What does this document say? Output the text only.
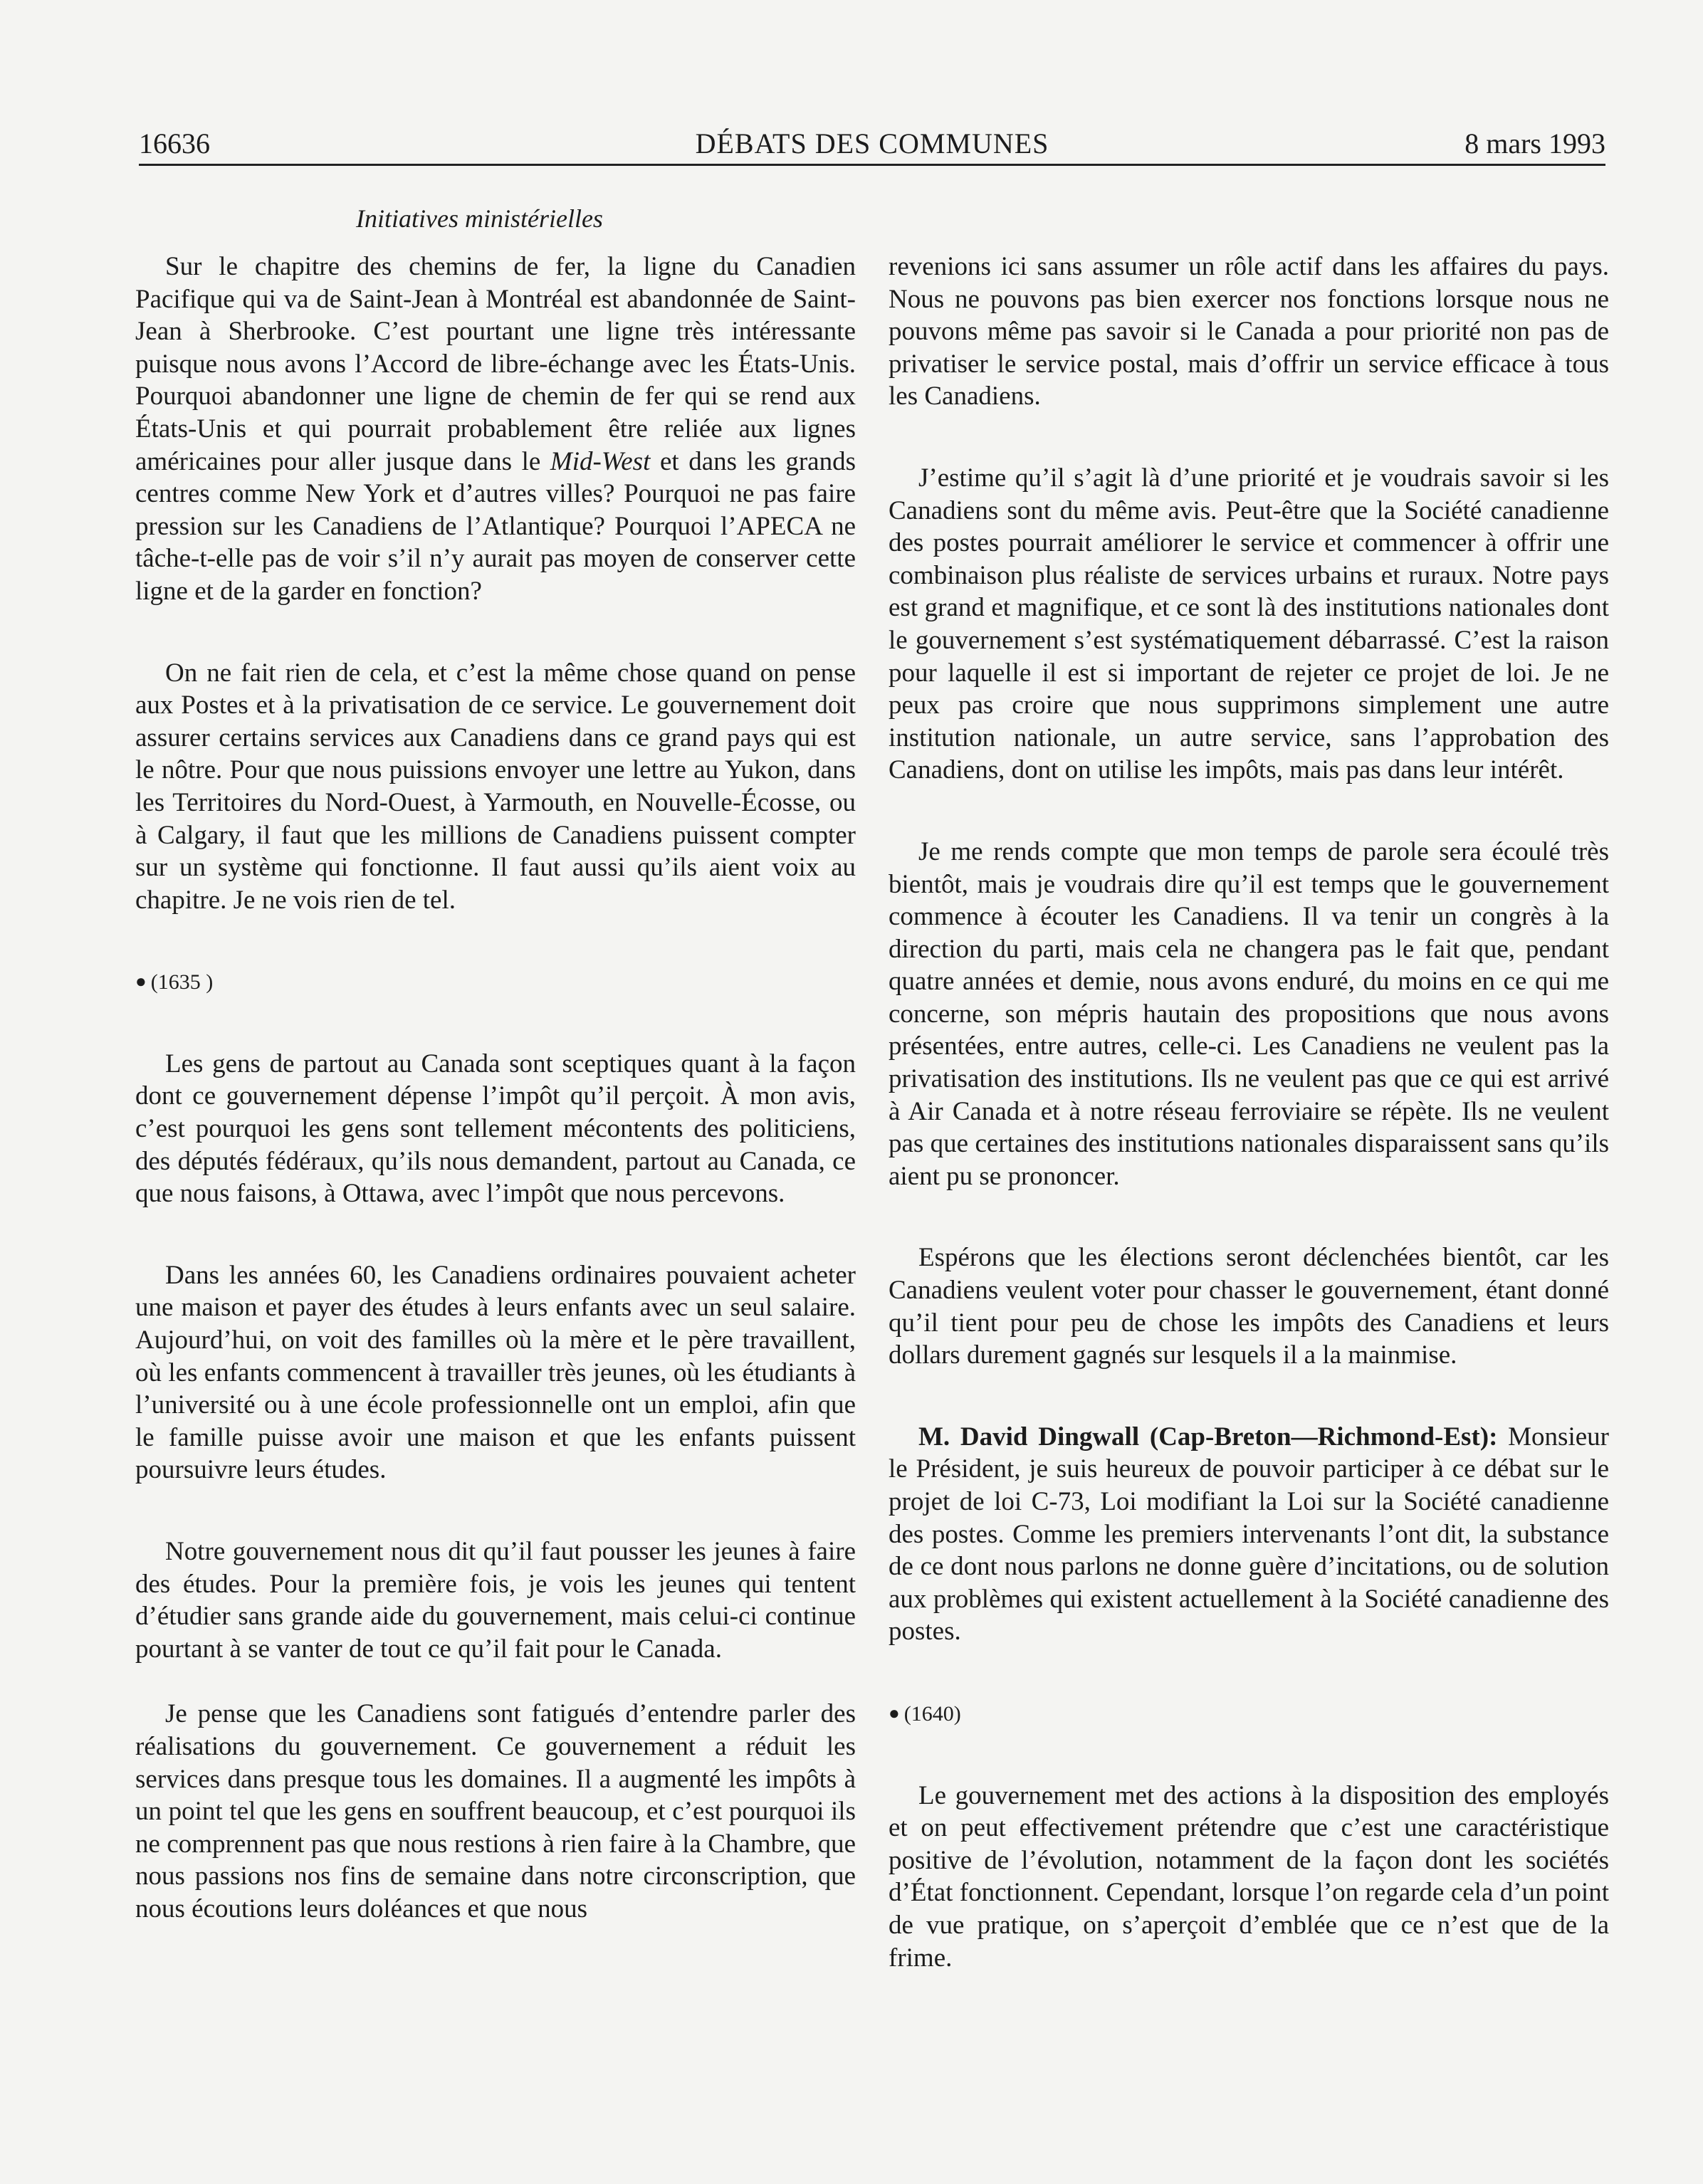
16636	DÉBATS DES COMMUNES	8 mars 1993
Initiatives ministérielles

Sur le chapitre des chemins de fer, la ligne du Canadien Pacifique qui va de Saint-Jean à Montréal est abandonnée de Saint-Jean à Sherbrooke. C’est pourtant une ligne très intéressante puisque nous avons l’Accord de libre-échange avec les États-Unis. Pourquoi abandonner une ligne de chemin de fer qui se rend aux États-Unis et qui pourrait probablement être reliée aux lignes américaines pour aller jusque dans le Mid-West et dans les grands centres comme New York et d’autres villes? Pourquoi ne pas faire pression sur les Canadiens de l’Atlantique? Pourquoi l’APECA ne tâche-t-elle pas de voir s’il n’y aurait pas moyen de conserver cette ligne et de la garder en fonction?

On ne fait rien de cela, et c’est la même chose quand on pense aux Postes et à la privatisation de ce service. Le gouvernement doit assurer certains services aux Canadiens dans ce grand pays qui est le nôtre. Pour que nous puissions envoyer une lettre au Yukon, dans les Territoires du Nord-Ouest, à Yarmouth, en Nouvelle-Écosse, ou à Calgary, il faut que les millions de Canadiens puissent compter sur un système qui fonctionne. Il faut aussi qu’ils aient voix au chapitre. Je ne vois rien de tel.

● (1635 )

Les gens de partout au Canada sont sceptiques quant à la façon dont ce gouvernement dépense l’impôt qu’il perçoit. À mon avis, c’est pourquoi les gens sont tellement mécontents des politiciens, des députés fédéraux, qu’ils nous demandent, partout au Canada, ce que nous faisons, à Ottawa, avec l’impôt que nous percevons.

Dans les années 60, les Canadiens ordinaires pouvaient acheter une maison et payer des études à leurs enfants avec un seul salaire. Aujourd’hui, on voit des familles où la mère et le père travaillent, où les enfants commencent à travailler très jeunes, où les étudiants à l’université ou à une école professionnelle ont un emploi, afin que le famille puisse avoir une maison et que les enfants puissent poursuivre leurs études.

Notre gouvernement nous dit qu’il faut pousser les jeunes à faire des études. Pour la première fois, je vois les jeunes qui tentent d’étudier sans grande aide du gouvernement, mais celui-ci continue pourtant à se vanter de tout ce qu’il fait pour le Canada.

Je pense que les Canadiens sont fatigués d’entendre parler des réalisations du gouvernement. Ce gouvernement a réduit les services dans presque tous les domaines. Il a augmenté les impôts à un point tel que les gens en souffrent beaucoup, et c’est pourquoi ils ne comprennent pas que nous restions à rien faire à la Chambre, que nous passions nos fins de semaine dans notre circonscription, que nous écoutions leurs doléances et que nous

revenions ici sans assumer un rôle actif dans les affaires du pays. Nous ne pouvons pas bien exercer nos fonctions lorsque nous ne pouvons même pas savoir si le Canada a pour priorité non pas de privatiser le service postal, mais d’offrir un service efficace à tous les Canadiens.

J’estime qu’il s’agit là d’une priorité et je voudrais savoir si les Canadiens sont du même avis. Peut-être que la Société canadienne des postes pourrait améliorer le service et commencer à offrir une combinaison plus réaliste de services urbains et ruraux. Notre pays est grand et magnifique, et ce sont là des institutions nationales dont le gouvernement s’est systématiquement débarrassé. C’est la raison pour laquelle il est si important de rejeter ce projet de loi. Je ne peux pas croire que nous supprimons simplement une autre institution nationale, un autre service, sans l’approbation des Canadiens, dont on utilise les impôts, mais pas dans leur intérêt.

Je me rends compte que mon temps de parole sera écoulé très bientôt, mais je voudrais dire qu’il est temps que le gouvernement commence à écouter les Canadiens. Il va tenir un congrès à la direction du parti, mais cela ne changera pas le fait que, pendant quatre années et demie, nous avons enduré, du moins en ce qui me concerne, son mépris hautain des propositions que nous avons présentées, entre autres, celle-ci. Les Canadiens ne veulent pas la privatisation des institutions. Ils ne veulent pas que ce qui est arrivé à Air Canada et à notre réseau ferroviaire se répète. Ils ne veulent pas que certaines des institutions nationales disparaissent sans qu’ils aient pu se prononcer.

Espérons que les élections seront déclenchées bientôt, car les Canadiens veulent voter pour chasser le gouvernement, étant donné qu’il tient pour peu de chose les impôts des Canadiens et leurs dollars durement gagnés sur lesquels il a la mainmise.

M. David Dingwall (Cap-Breton—Richmond-Est): Monsieur le Président, je suis heureux de pouvoir participer à ce débat sur le projet de loi C-73, Loi modifiant la Loi sur la Société canadienne des postes. Comme les premiers intervenants l’ont dit, la substance de ce dont nous parlons ne donne guère d’incitations, ou de solution aux problèmes qui existent actuellement à la Société canadienne des postes.

● (1640)

Le gouvernement met des actions à la disposition des employés et on peut effectivement prétendre que c’est une caractéristique positive de l’évolution, notamment de la façon dont les sociétés d’État fonctionnent. Cependant, lorsque l’on regarde cela d’un point de vue pratique, on s’aperçoit d’emblée que ce n’est que de la frime.
